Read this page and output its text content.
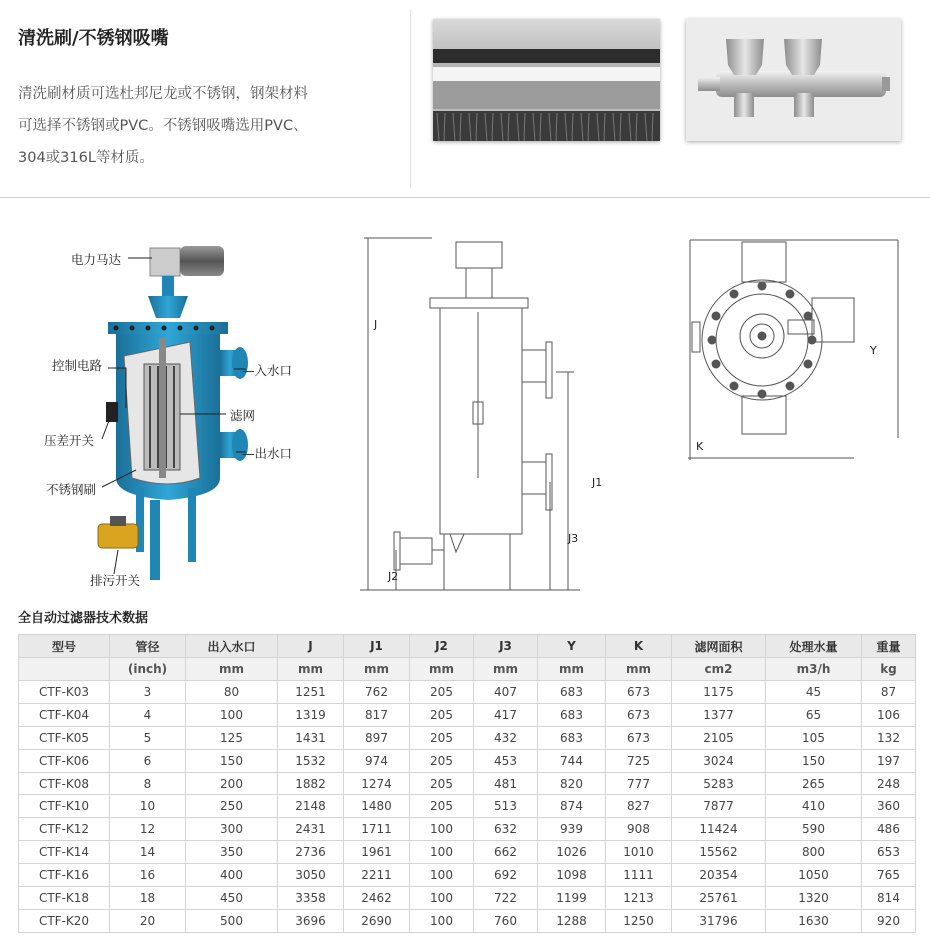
清洗刷/不锈钢吸嘴
清洗刷材质可选杜邦尼龙或不锈钢，钢架材料
可选择不锈钢或PVC。不锈钢吸嘴选用PVC、
304或316L等材质。
电力马达
控制电路	—入水口
滤网
压差开关
—出水口
不锈钢刷
排污开关
J
J1
J3
J2
Y
K
全自动过滤器技术数据
型号	管径	出入水口	J	J1	J2	J3	Y	K	滤网面积	处理水量	重量
	(inch)	mm	mm	mm	mm	mm	mm	mm	cm2	m3/h	kg
CTF-K03	3	80	1251	762	205	407	683	673	1175	45	87
CTF-K04	4	100	1319	817	205	417	683	673	1377	65	106
CTF-K05	5	125	1431	897	205	432	683	673	2105	105	132
CTF-K06	6	150	1532	974	205	453	744	725	3024	150	197
CTF-K08	8	200	1882	1274	205	481	820	777	5283	265	248
CTF-K10	10	250	2148	1480	205	513	874	827	7877	410	360
CTF-K12	12	300	2431	1711	100	632	939	908	11424	590	486
CTF-K14	14	350	2736	1961	100	662	1026	1010	15562	800	653
CTF-K16	16	400	3050	2211	100	692	1098	1111	20354	1050	765
CTF-K18	18	450	3358	2462	100	722	1199	1213	25761	1320	814
CTF-K20	20	500	3696	2690	100	760	1288	1250	31796	1630	920
